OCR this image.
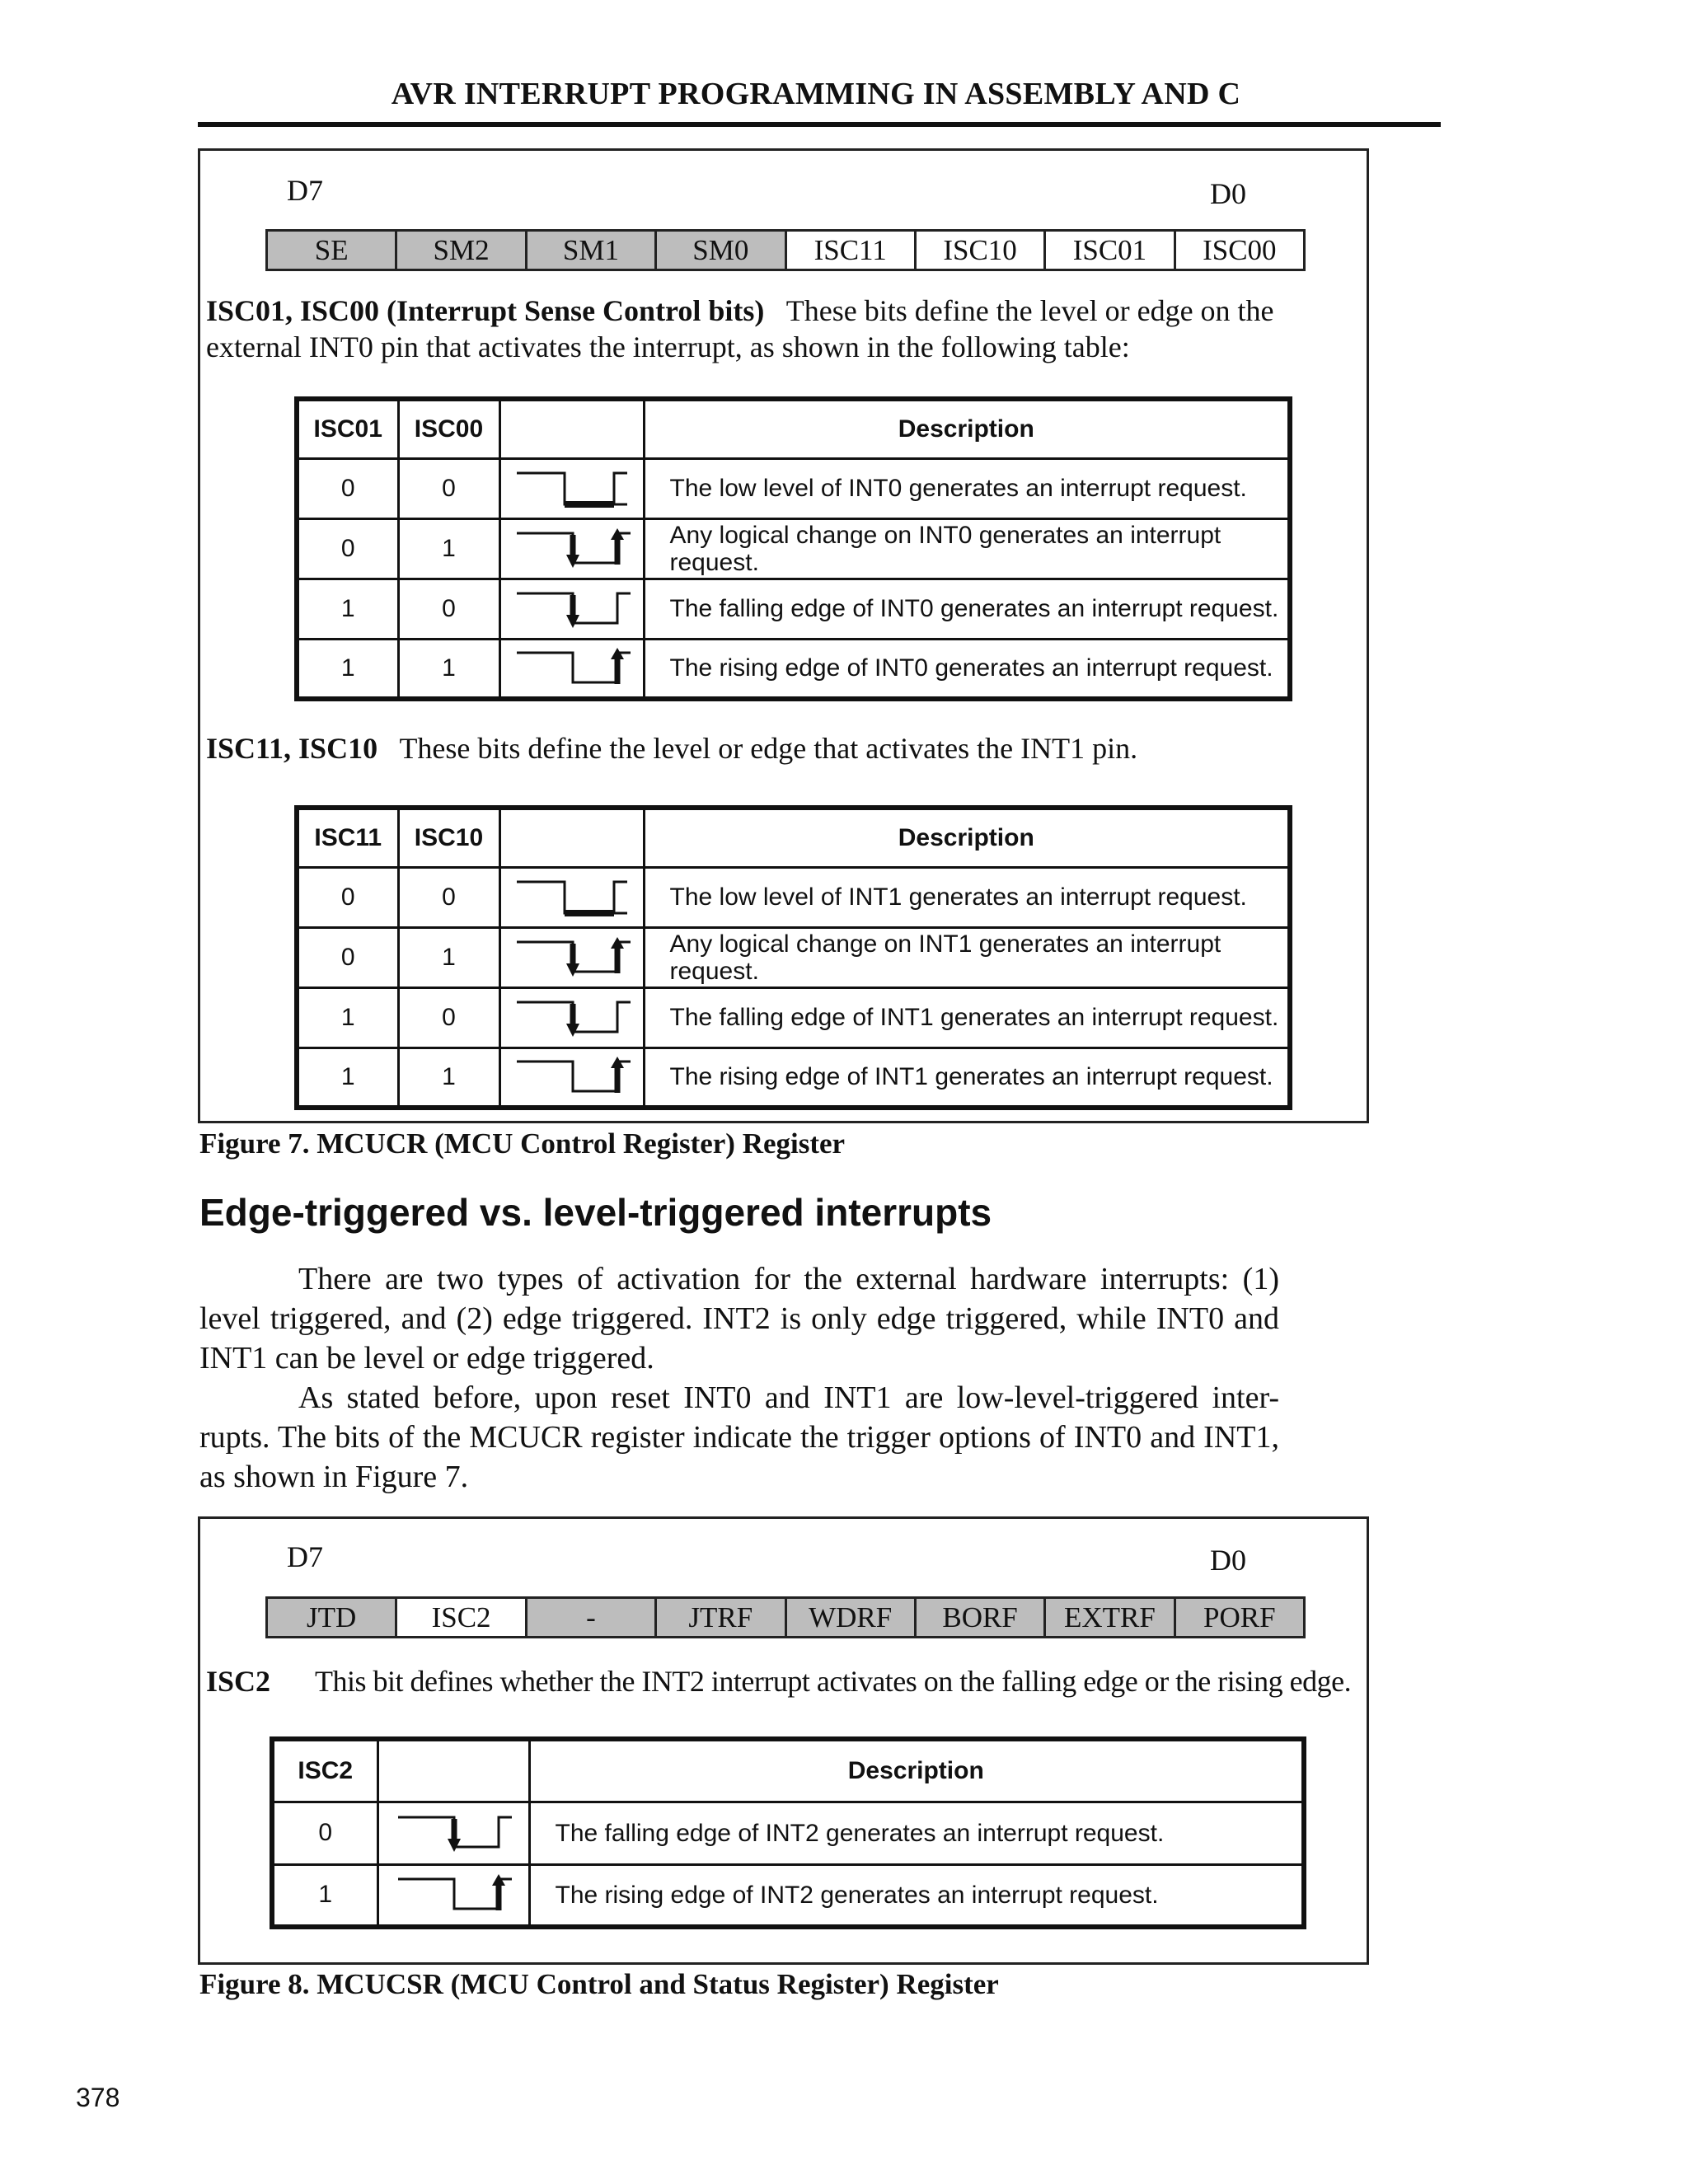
AVR INTERRUPT PROGRAMMING IN ASSEMBLY AND C
D7	D0
SE	SM2	SM1	SM0	ISC11	ISC10	ISC01	ISC00
ISC01, ISC00 (Interrupt Sense Control bits) These bits define the level or edge on the external INT0 pin that activates the interrupt, as shown in the following table:
ISC01	ISC00		Description
0	0		The low level of INT0 generates an interrupt request.
0	1		Any logical change on INT0 generates an interrupt request.
1	0		The falling edge of INT0 generates an interrupt request.
1	1		The rising edge of INT0 generates an interrupt request.
ISC11, ISC10 These bits define the level or edge that activates the INT1 pin.
ISC11	ISC10		Description
0	0		The low level of INT1 generates an interrupt request.
0	1		Any logical change on INT1 generates an interrupt request.
1	0		The falling edge of INT1 generates an interrupt request.
1	1		The rising edge of INT1 generates an interrupt request.
Figure 7. MCUCR (MCU Control Register) Register
Edge-triggered vs. level-triggered interrupts

There are two types of activation for the external hardware interrupts: (1) level triggered, and (2) edge triggered. INT2 is only edge triggered, while INT0 and INT1 can be level or edge triggered.

As stated before, upon reset INT0 and INT1 are low-level-triggered inter-rupts. The bits of the MCUCR register indicate the trigger options of INT0 and INT1, as shown in Figure 7.

D7	D0
JTD	ISC2	-	JTRF	WDRF	BORF	EXTRF	PORF
ISC2 This bit defines whether the INT2 interrupt activates on the falling edge or the rising edge.
ISC2		Description
0		The falling edge of INT2 generates an interrupt request.
1		The rising edge of INT2 generates an interrupt request.
Figure 8. MCUCSR (MCU Control and Status Register) Register
378
